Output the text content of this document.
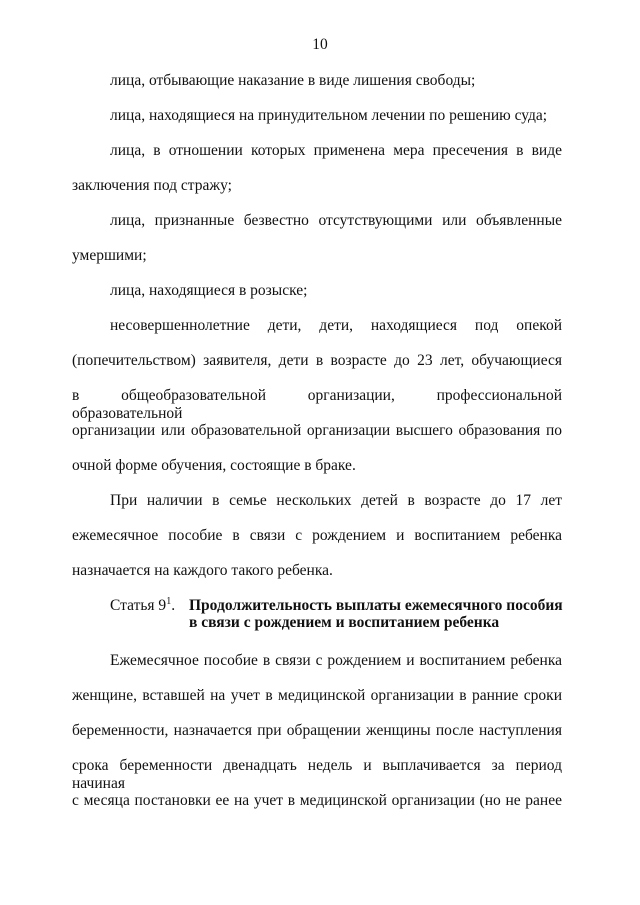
10
лица, отбывающие наказание в виде лишения свободы;
лица, находящиеся на принудительном лечении по решению суда;
лица, в отношении которых применена мера пресечения в виде
заключения под стражу;
лица, признанные безвестно отсутствующими или объявленные
умершими;
лица, находящиеся в розыске;
несовершеннолетние дети, дети, находящиеся под опекой
(попечительством) заявителя, дети в возрасте до 23 лет, обучающиеся
в общеобразовательной организации, профессиональной образовательной
организации или образовательной организации высшего образования по
очной форме обучения, состоящие в браке.
При наличии в семье нескольких детей в возрасте до 17 лет
ежемесячное пособие в связи с рождением и воспитанием ребенка
назначается на каждого такого ребенка.
Статья $9^1$. Продолжительность выплаты ежемесячного пособия
в связи с рождением и воспитанием ребенка
Ежемесячное пособие в связи с рождением и воспитанием ребенка
женщине, вставшей на учет в медицинской организации в ранние сроки
беременности, назначается при обращении женщины после наступления
срока беременности двенадцать недель и выплачивается за период начиная
с месяца постановки ее на учет в медицинской организации (но не ранее
